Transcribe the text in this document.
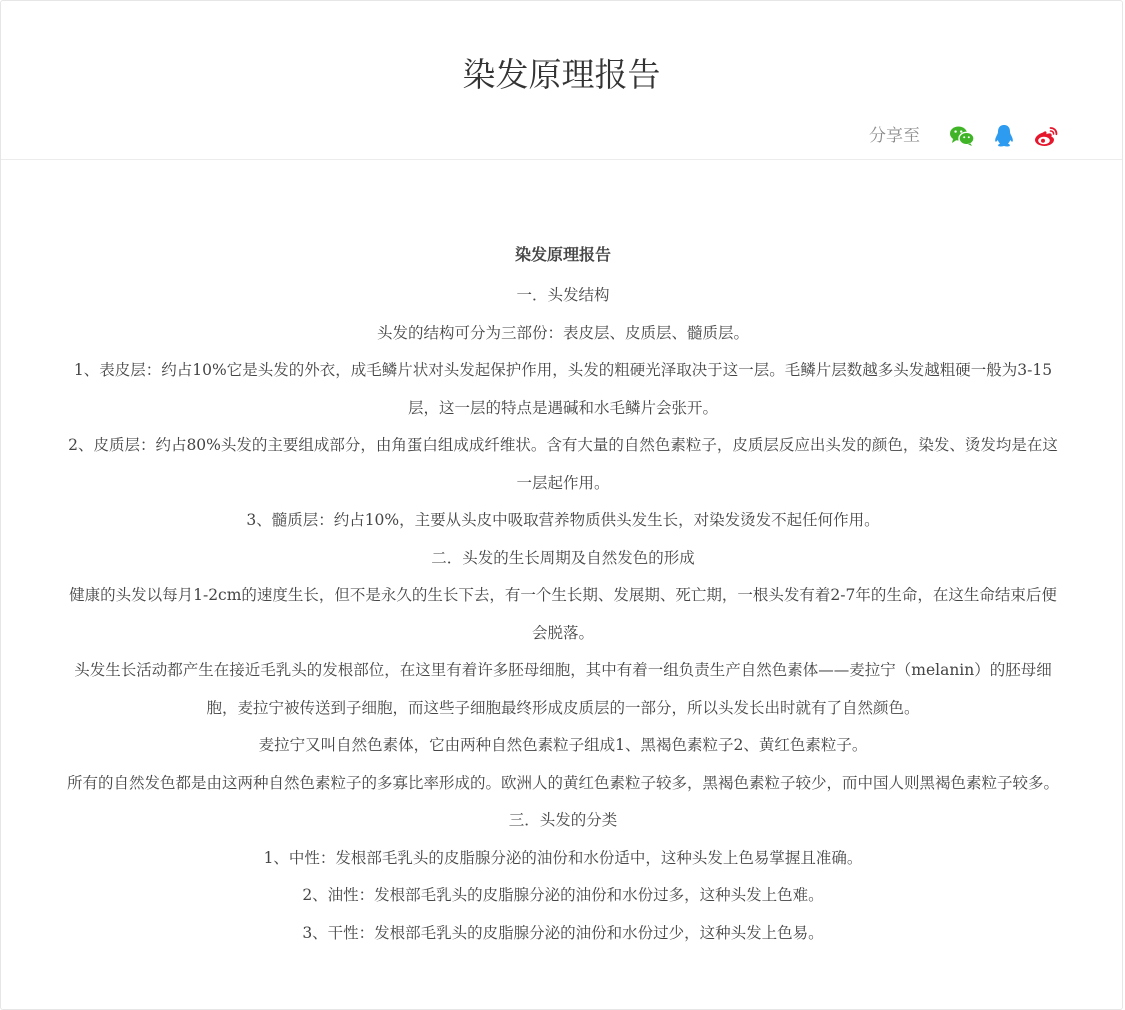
染发原理报告
分享至

染发原理报告

一．头发结构

头发的结构可分为三部份：表皮层、皮质层、髓质层。

1、表皮层：约占10%它是头发的外衣，成毛鳞片状对头发起保护作用，头发的粗硬光泽取决于这一层。毛鳞片层数越多头发越粗硬一般为3-15层，这一层的特点是遇碱和水毛鳞片会张开。

2、皮质层：约占80%头发的主要组成部分，由角蛋白组成成纤维状。含有大量的自然色素粒子，皮质层反应出头发的颜色，染发、烫发均是在这一层起作用。

3、髓质层：约占10%，主要从头皮中吸取营养物质供头发生长，对染发烫发不起任何作用。

二．头发的生长周期及自然发色的形成

健康的头发以每月1-2cm的速度生长，但不是永久的生长下去，有一个生长期、发展期、死亡期，一根头发有着2-7年的生命，在这生命结束后便会脱落。

头发生长活动都产生在接近毛乳头的发根部位，在这里有着许多胚母细胞，其中有着一组负责生产自然色素体——麦拉宁（melanin）的胚母细胞，麦拉宁被传送到子细胞，而这些子细胞最终形成皮质层的一部分，所以头发长出时就有了自然颜色。

麦拉宁又叫自然色素体，它由两种自然色素粒子组成1、黑褐色素粒子2、黄红色素粒子。

所有的自然发色都是由这两种自然色素粒子的多寡比率形成的。欧洲人的黄红色素粒子较多，黑褐色素粒子较少，而中国人则黑褐色素粒子较多。

三．头发的分类

1、中性：发根部毛乳头的皮脂腺分泌的油份和水份适中，这种头发上色易掌握且准确。

2、油性：发根部毛乳头的皮脂腺分泌的油份和水份过多，这种头发上色难。

3、干性：发根部毛乳头的皮脂腺分泌的油份和水份过少，这种头发上色易。
